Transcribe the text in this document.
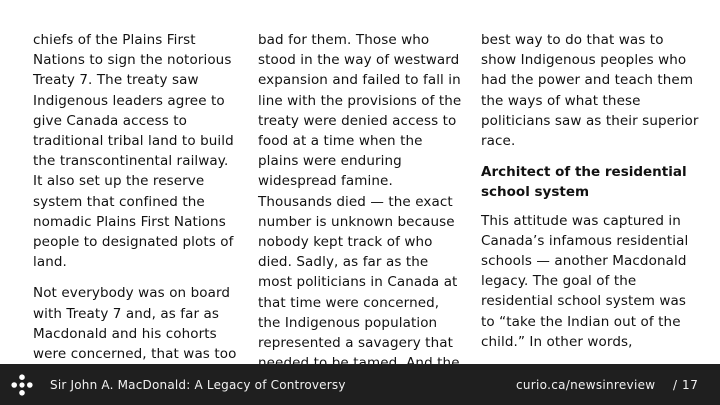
chiefs of the Plains First Nations to sign the notorious Treaty 7. The treaty saw Indigenous leaders agree to give Canada access to traditional tribal land to build the transcontinental railway. It also set up the reserve system that confined the nomadic Plains First Nations people to designated plots of land.

Not everybody was on board with Treaty 7 and, as far as Macdonald and his cohorts were concerned, that was too

bad for them. Those who stood in the way of westward expansion and failed to fall in line with the provisions of the treaty were denied access to food at a time when the plains were enduring widespread famine. Thousands died — the exact number is unknown because nobody kept track of who died. Sadly, as far as the most politicians in Canada at that time were concerned, the Indigenous population represented a savagery that

best way to do that was to show Indigenous peoples who had the power and teach them the ways of what these politicians saw as their superior race.

Architect of the residential school system

This attitude was captured in Canada’s infamous residential schools — another Macdonald legacy. The goal of the residential school system was to “take the Indian out of the child.” In other words,

Sir John A. MacDonald: A Legacy of Controversy	curio.ca/newsinreview / 17
